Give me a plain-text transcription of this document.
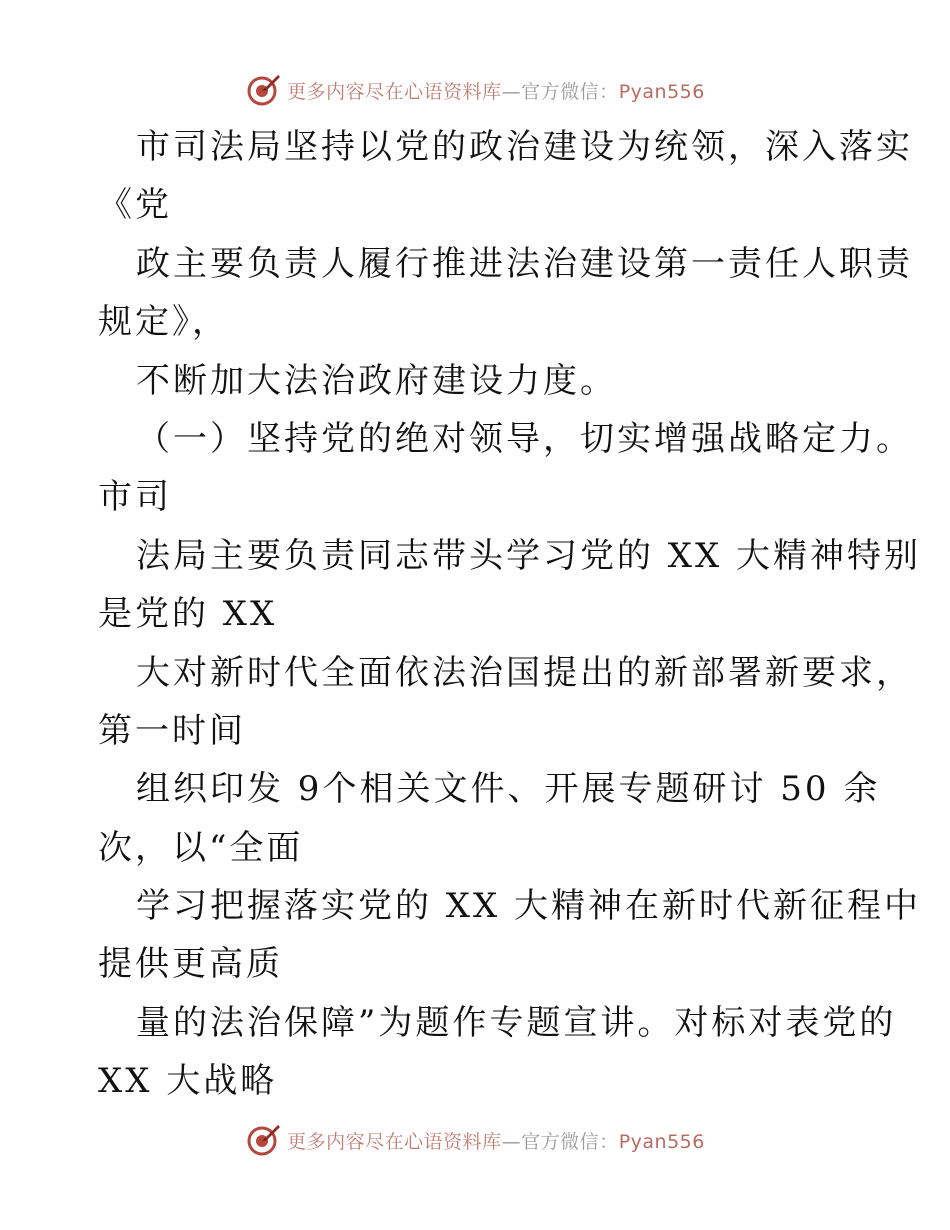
更多内容尽在心语资料库—官方微信：Pyan556
市司法局坚持以党的政治建设为统领，深入落实
《党
政主要负责人履行推进法治建设第一责任人职责
规定》，
不断加大法治政府建设力度。
（一）坚持党的绝对领导，切实增强战略定力。
市司
法局主要负责同志带头学习党的 XX 大精神特别
是党的 XX
大对新时代全面依法治国提出的新部署新要求，
第一时间
组织印发 9个相关文件、开展专题研讨 50 余
次，以“全面
学习把握落实党的 XX 大精神在新时代新征程中
提供更高质
量的法治保障”为题作专题宣讲。对标对表党的
XX 大战略
更多内容尽在心语资料库—官方微信：Pyan556
